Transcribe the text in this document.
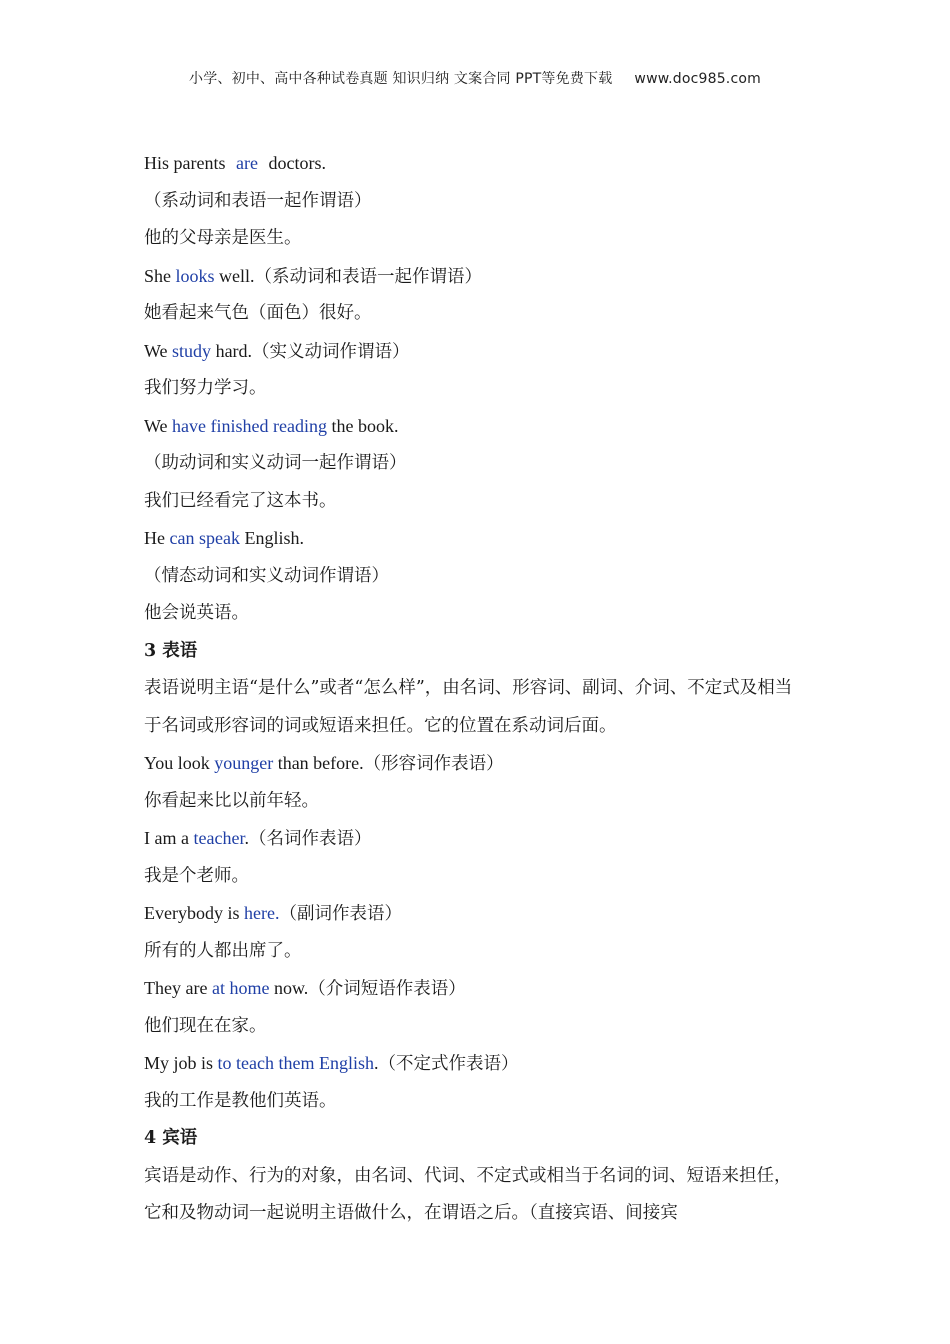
小学、初中、高中各种试卷真题 知识归纳 文案合同 PPT等免费下载 www.doc985.com
His parents are doctors.
（系动词和表语一起作谓语）
他的父母亲是医生。
She looks well.（系动词和表语一起作谓语）
她看起来气色（面色）很好。
We study hard.（实义动词作谓语）
我们努力学习。
We have finished reading the book.
（助动词和实义动词一起作谓语）
我们已经看完了这本书。
He can speak English.
（情态动词和实义动词作谓语）
他会说英语。
3 表语
表语说明主语“是什么”或者“怎么样”，由名词、形容词、副词、介词、不定式及相当于名词或形容词的词或短语来担任。它的位置在系动词后面。
You look younger than before.（形容词作表语）
你看起来比以前年轻。
I am a teacher.（名词作表语）
我是个老师。
Everybody is here.（副词作表语）
所有的人都出席了。
They are at home now.（介词短语作表语）
他们现在在家。
My job is to teach them English.（不定式作表语）
我的工作是教他们英语。
4 宾语
宾语是动作、行为的对象，由名词、代词、不定式或相当于名词的词、短语来担任，它和及物动词一起说明主语做什么，在谓语之后。（直接宾语、间接宾
